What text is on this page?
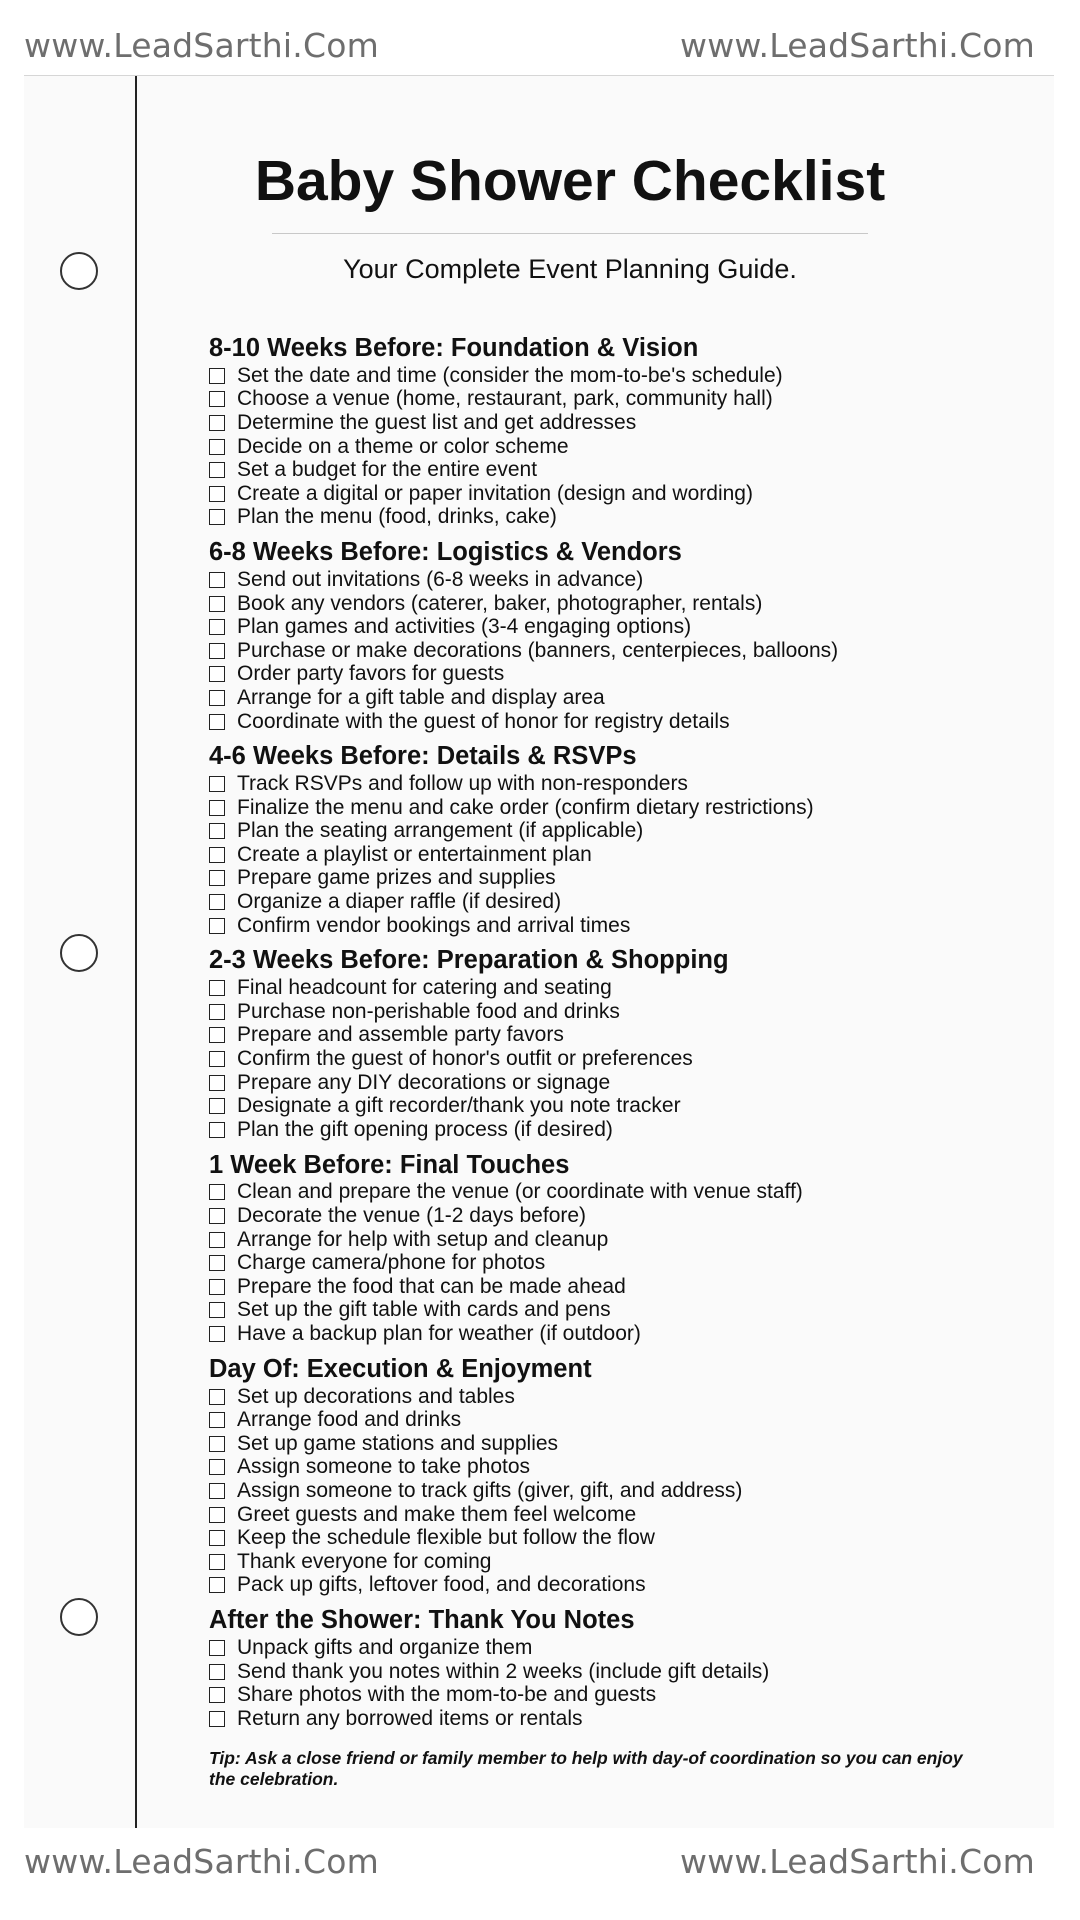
www.LeadSarthi.Com	www.LeadSarthi.Com
Baby Shower Checklist
Your Complete Event Planning Guide.
8-10 Weeks Before: Foundation & Vision
Set the date and time (consider the mom-to-be's schedule)
Choose a venue (home, restaurant, park, community hall)
Determine the guest list and get addresses
Decide on a theme or color scheme
Set a budget for the entire event
Create a digital or paper invitation (design and wording)
Plan the menu (food, drinks, cake)
6-8 Weeks Before: Logistics & Vendors
Send out invitations (6-8 weeks in advance)
Book any vendors (caterer, baker, photographer, rentals)
Plan games and activities (3-4 engaging options)
Purchase or make decorations (banners, centerpieces, balloons)
Order party favors for guests
Arrange for a gift table and display area
Coordinate with the guest of honor for registry details
4-6 Weeks Before: Details & RSVPs
Track RSVPs and follow up with non-responders
Finalize the menu and cake order (confirm dietary restrictions)
Plan the seating arrangement (if applicable)
Create a playlist or entertainment plan
Prepare game prizes and supplies
Organize a diaper raffle (if desired)
Confirm vendor bookings and arrival times
2-3 Weeks Before: Preparation & Shopping
Final headcount for catering and seating
Purchase non-perishable food and drinks
Prepare and assemble party favors
Confirm the guest of honor's outfit or preferences
Prepare any DIY decorations or signage
Designate a gift recorder/thank you note tracker
Plan the gift opening process (if desired)
1 Week Before: Final Touches
Clean and prepare the venue (or coordinate with venue staff)
Decorate the venue (1-2 days before)
Arrange for help with setup and cleanup
Charge camera/phone for photos
Prepare the food that can be made ahead
Set up the gift table with cards and pens
Have a backup plan for weather (if outdoor)
Day Of: Execution & Enjoyment
Set up decorations and tables
Arrange food and drinks
Set up game stations and supplies
Assign someone to take photos
Assign someone to track gifts (giver, gift, and address)
Greet guests and make them feel welcome
Keep the schedule flexible but follow the flow
Thank everyone for coming
Pack up gifts, leftover food, and decorations
After the Shower: Thank You Notes
Unpack gifts and organize them
Send thank you notes within 2 weeks (include gift details)
Share photos with the mom-to-be and guests
Return any borrowed items or rentals
Tip: Ask a close friend or family member to help with day-of coordination so you can enjoy the celebration.
www.LeadSarthi.Com	www.LeadSarthi.Com
